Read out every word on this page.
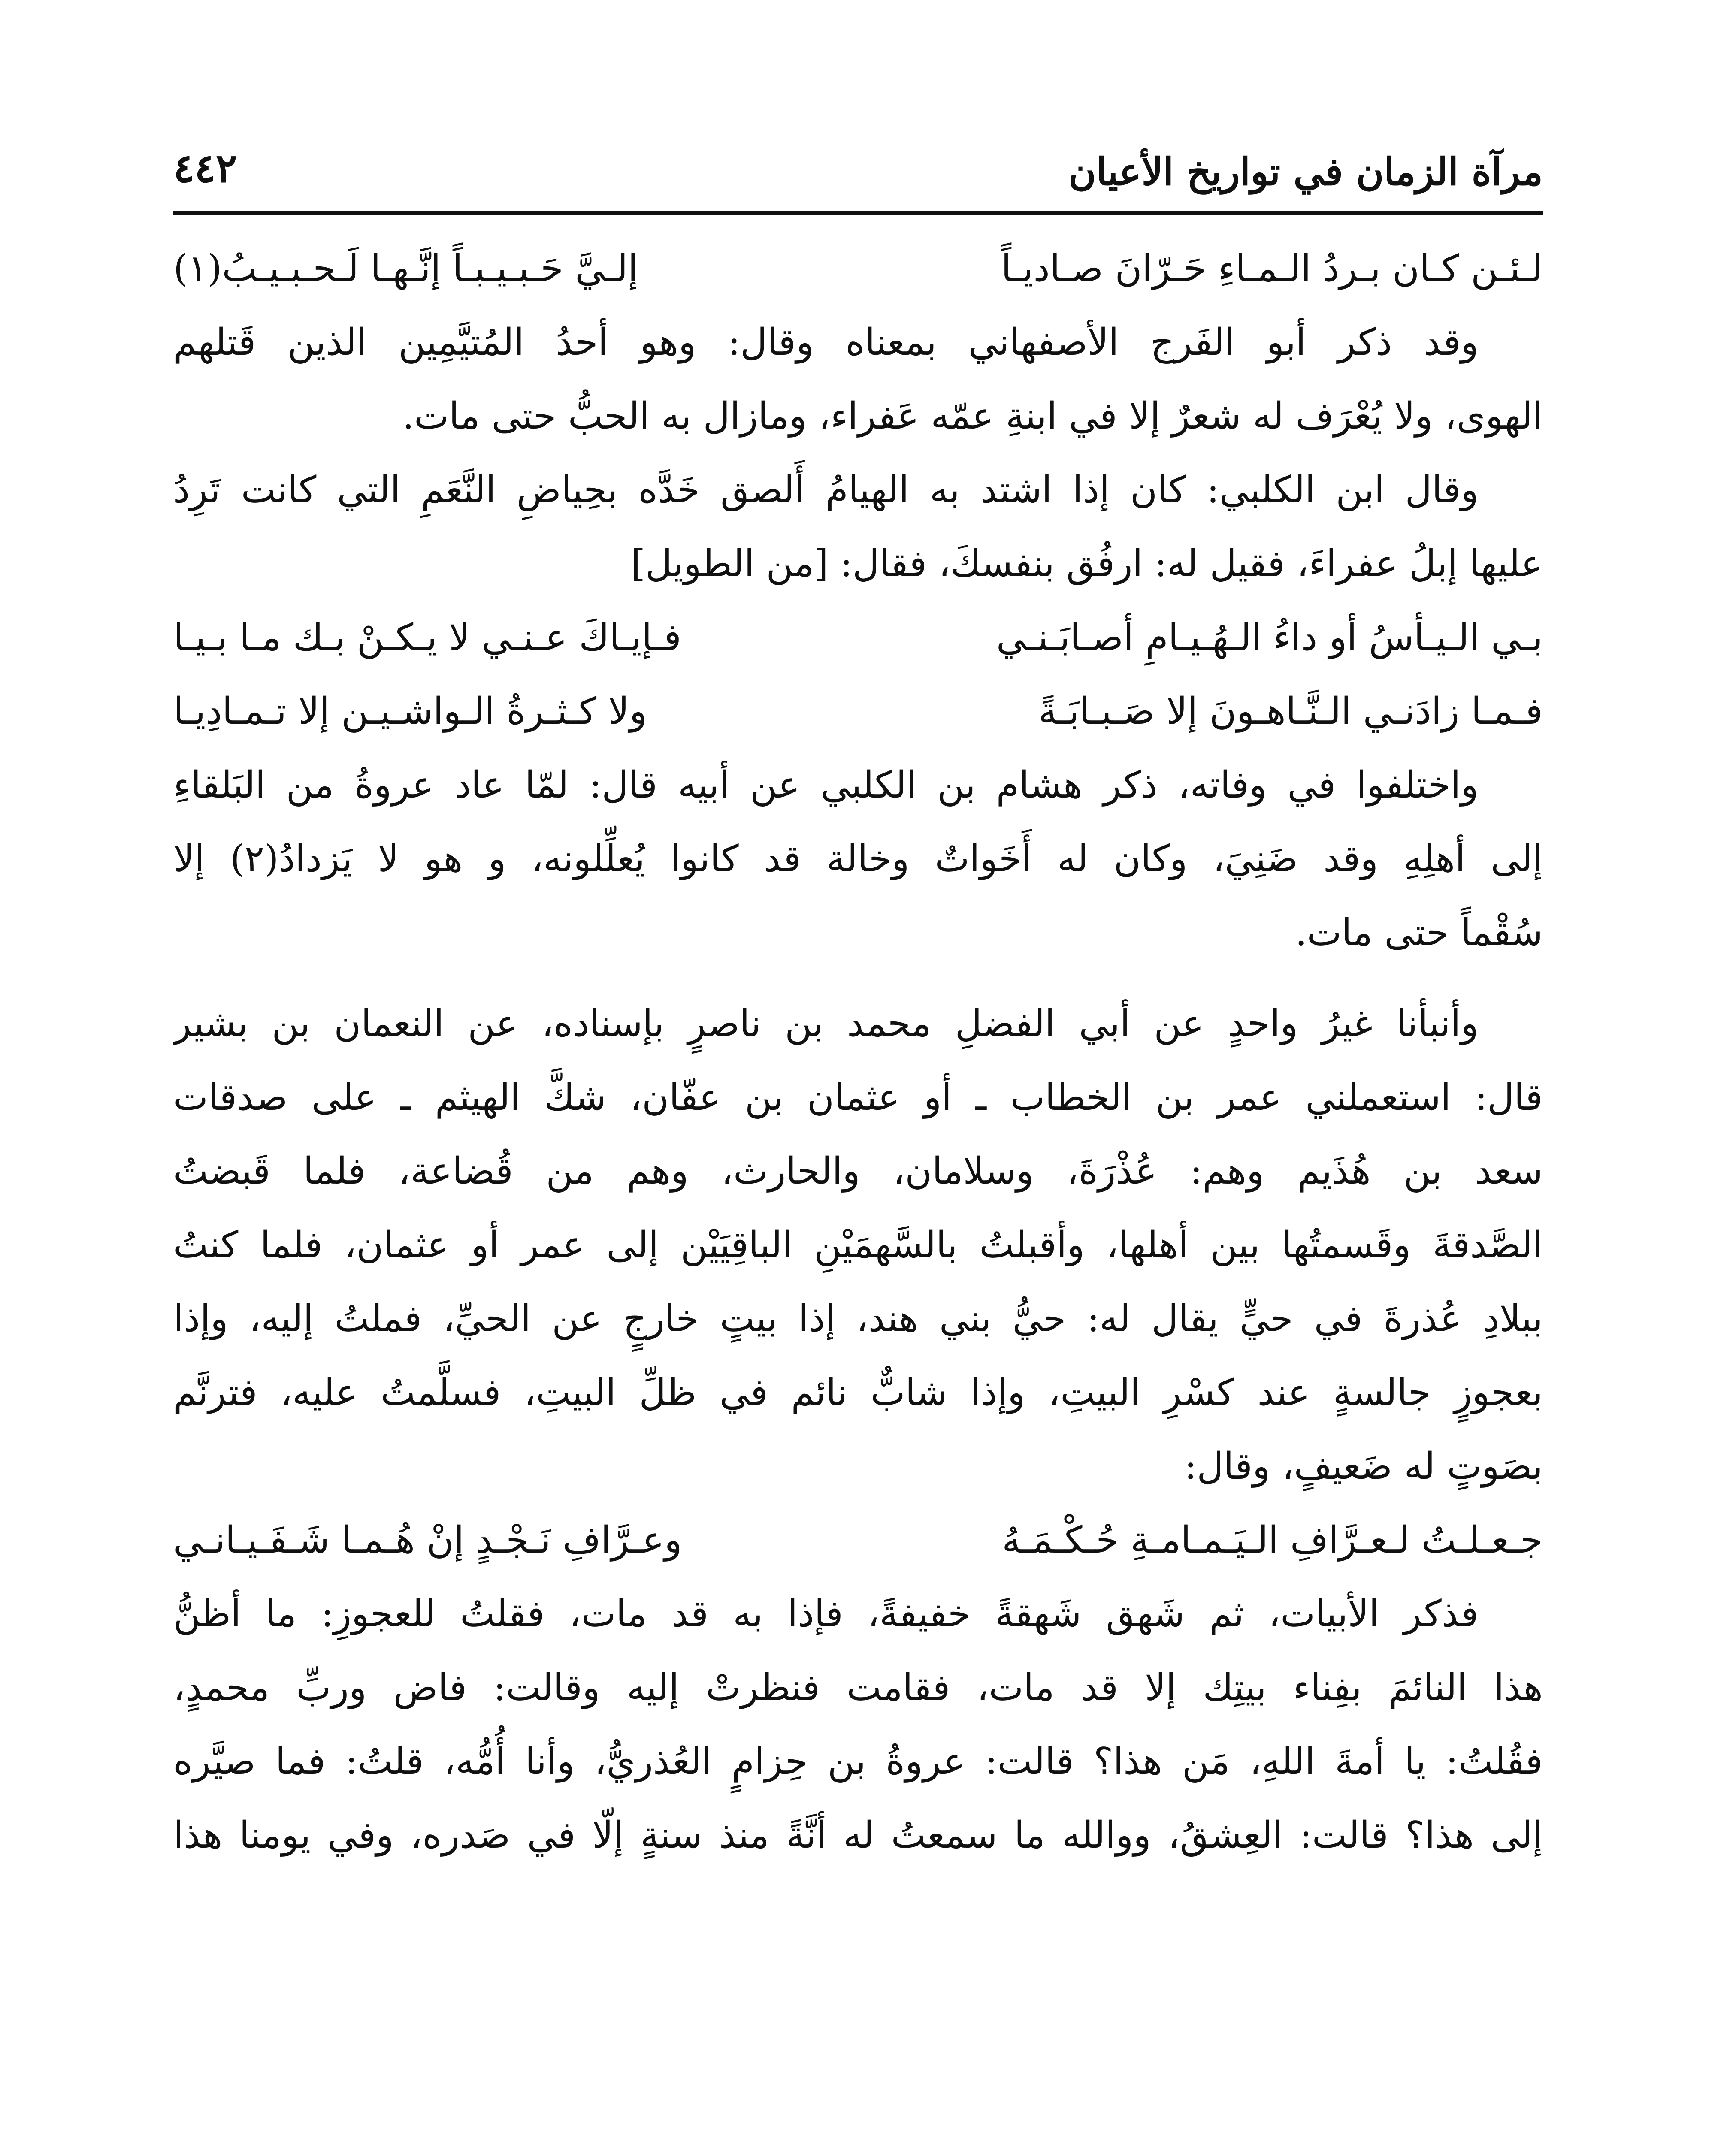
مرآة الزمان في تواريخ الأعيان
٤٤٢
لـئـن كـان بـردُ الـمـاءِ حَـرّانَ صـاديـاً
إلـيَّ حَـبـيـبـاً إنَّـهـا لَـحـبـيـبُ(١)
وقد ذكر أبو الفَرج الأصفهاني بمعناه وقال: وهو أحدُ المُتيَّمِين الذين قَتلهم
الهوى، ولا يُعْرَف له شعرٌ إلا في ابنةِ عمّه عَفراء، ومازال به الحبُّ حتى مات.
وقال ابن الكلبي: كان إذا اشتد به الهيامُ أَلصق خَدَّه بحِياضِ النَّعَمِ التي كانت تَرِدُ
عليها إبلُ عفراءَ، فقيل له: ارفُق بنفسكَ، فقال: [من الطويل]
بـي الـيـأسُ أو داءُ الـهُـيـامِ أصـابَـنـي
فـإيـاكَ عـنـي لا يـكـنْ بـك مـا بـيـا
فـمـا زادَنـي الـنَّـاهـونَ إلا صَـبـابَـةً
ولا كـثـرةُ الـواشـيـن إلا تـمـادِيـا
واختلفوا في وفاته، ذكر هشام بن الكلبي عن أبيه قال: لمّا عاد عروةُ من البَلقاءِ
إلى أهلِهِ وقد ضَنِيَ، وكان له أَخَواتٌ وخالة قد كانوا يُعلِّلونه، و هو لا يَزدادُ(٢) إلا
سُقْماً حتى مات.
وأنبأنا غيرُ واحدٍ عن أبي الفضلِ محمد بن ناصرٍ بإسناده، عن النعمان بن بشير
قال: استعملني عمر بن الخطاب ـ أو عثمان بن عفّان، شكَّ الهيثم ـ على صدقات
سعد بن هُذَيم وهم: عُذْرَةَ، وسلامان، والحارث، وهم من قُضاعة، فلما قَبضتُ
الصَّدقةَ وقَسمتُها بين أهلها، وأقبلتُ بالسَّهمَيْنِ الباقِيَيْن إلى عمر أو عثمان، فلما كنتُ
ببلادِ عُذرةَ في حيٍّ يقال له: حيُّ بني هند، إذا بيتٍ خارجٍ عن الحيِّ، فملتُ إليه، وإذا
بعجوزٍ جالسةٍ عند كسْرِ البيتِ، وإذا شابٌّ نائم في ظلِّ البيتِ، فسلَّمتُ عليه، فترنَّم
بصَوتٍ له ضَعيفٍ، وقال:
جـعـلـتُ لـعـرَّافِ الـيَـمـامـةِ حُـكْـمَـهُ
وعـرَّافِ نَـجْـدٍ إنْ هُـمـا شَـفَـيـانـي
فذكر الأبيات، ثم شَهق شَهقةً خفيفةً، فإذا به قد مات، فقلتُ للعجوزِ: ما أظنُّ
هذا النائمَ بفِناء بيتِك إلا قد مات، فقامت فنظرتْ إليه وقالت: فاض وربِّ محمدٍ،
فقُلتُ: يا أمةَ اللهِ، مَن هذا؟ قالت: عروةُ بن حِزامٍ العُذريُّ، وأنا أُمُّه، قلتُ: فما صيَّره
إلى هذا؟ قالت: العِشقُ، ووالله ما سمعتُ له أنَّةً منذ سنةٍ إلّا في صَدره، وفي يومنا هذا
